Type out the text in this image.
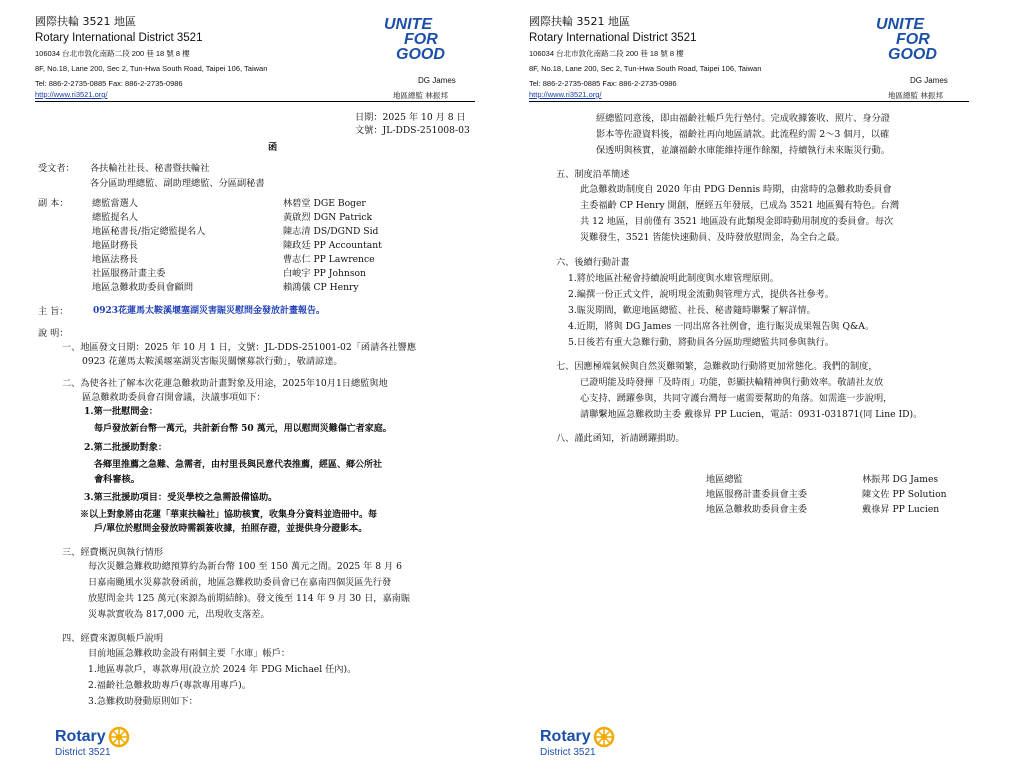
國際扶輪 3521 地區
Rotary International District 3521
106034 台北市敦化南路二段 200 巷 18 號 8 樓
8F, No.18, Lane 200, Sec 2, Tun-Hwa South Road, Taipei 106, Taiwan
Tel: 886-2-2735-0885 Fax: 886-2-2735-0986
UNITE
FOR
GOOD
DG James
http://www.ri3521.org/	地區總監 林振邦
日期：2025 年 10 月 8 日
文號：JL-DDS-251008-03
函
受文者： 各扶輪社社長、秘書暨扶輪社
各分區助理總監、副助理總監、分區副秘書
副 本：	總監當選人	林碧堂 DGE Boger
總監提名人	黃啟烈 DGN Patrick
地區秘書長/指定總監提名人	陳志清 DS/DGND Sid
地區財務長	陳政廷 PP Accountant
地區法務長	曹志仁 PP Lawrence
社區服務計畫主委	白峻宇 PP Johnson
地區急難救助委員會顧問	賴鴻儀 CP Henry
主 旨：	0923花蓮馬太鞍溪堰塞湖災害賑災慰問金發放計畫報告。
說 明：
一、地區發文日期：2025 年 10 月 1 日，文號：JL-DDS-251001-02「函請各社響應
0923 花蓮馬太鞍溪堰塞湖災害賑災關懷募款行動」，敬請諒達。
二、為使各社了解本次花蓮急難救助計畫對象及用途，2025年10月1日總監與地
區急難救助委員會召開會議，決議事項如下：
1.第一批慰問金：
每戶發放新台幣一萬元，共計新台幣 50 萬元，用以慰問災難傷亡者家庭。
2.第二批援助對象：
各鄉里推薦之急難、急需者，由村里長與民意代表推薦，經區、鄉公所社
會科審核。
3.第三批援助項目：受災學校之急需設備協助。
※以上對象將由花蓮「華東扶輪社」協助核實，收集身分資料並造冊中。每
戶/單位於慰問金發放時需親簽收據，拍照存證，並提供身分證影本。
三、經費概況與執行情形
每次災難急難救助總預算約為新台幣 100 至 150 萬元之間。2025 年 8 月 6
日嘉南颱風水災募款發函前，地區急難救助委員會已在嘉南四個災區先行發
放慰問金共 125 萬元(來源為前期結餘)。發文後至 114 年 9 月 30 日，嘉南賑
災專款實收為 817,000 元，出現收支落差。
四、經費來源與帳戶說明
目前地區急難救助金設有兩個主要「水庫」帳戶：
1.地區專款戶，專款專用(設立於 2024 年 PDG Michael 任內)。
2.福齡社急難救助專戶(專款專用專戶)。
3.急難救助發動原則如下：
Rotary
District 3521
國際扶輪 3521 地區
Rotary International District 3521
106034 台北市敦化南路二段 200 巷 18 號 8 樓
8F, No.18, Lane 200, Sec 2, Tun-Hwa South Road, Taipei 106, Taiwan
Tel: 886-2-2735-0885 Fax: 886-2-2735-0986
UNITE
FOR
GOOD
DG James
http://www.ri3521.org/	地區總監 林振邦
經總監同意後，即由福齡社帳戶先行墊付。完成收據簽收、照片、身分證
影本等佐證資料後，福齡社再向地區請款。此流程約需 2～3 個月，以確
保透明與核實，並讓福齡水庫能維持運作餘額，持續執行未來賑災行動。
五、制度沿革簡述
此急難救助制度自 2020 年由 PDG Dennis 時期，由當時的急難救助委員會
主委福齡 CP Henry 開創，歷經五年發展，已成為 3521 地區獨有特色。台灣
共 12 地區，目前僅有 3521 地區設有此類現金即時動用制度的委員會。每次
災難發生，3521 皆能快速動員、及時發放慰問金，為全台之最。
六、後續行動計畫
1.將於地區社秘會持續說明此制度與水庫管理原則。
2.編撰一份正式文件，說明現金流動與管理方式，提供各社參考。
3.賑災期間，歡迎地區總監、社長、秘書隨時聯繫了解詳情。
4.近期，將與 DG James 一同出席各社例會，進行賑災成果報告與 Q&A。
5.日後若有重大急難行動，將動員各分區助理總監共同參與執行。
七、因應極端氣候與自然災難頻繁，急難救助行動將更加常態化。我們的制度，
已證明能及時發揮「及時雨」功能，彰顯扶輪精神與行動效率。敬請社友放
心支持、踴躍參與，共同守護台灣每一處需要幫助的角落。如需進一步說明，
請聯繫地區急難救助主委 戴祿昇 PP Lucien，電話：0931-031871(同 Line ID)。
八、謹此函知，祈請踴躍捐助。
地區總監	林振邦 DG James
地區服務計畫委員會主委	陳文佐 PP Solution
地區急難救助委員會主委	戴祿昇 PP Lucien
Rotary
District 3521
